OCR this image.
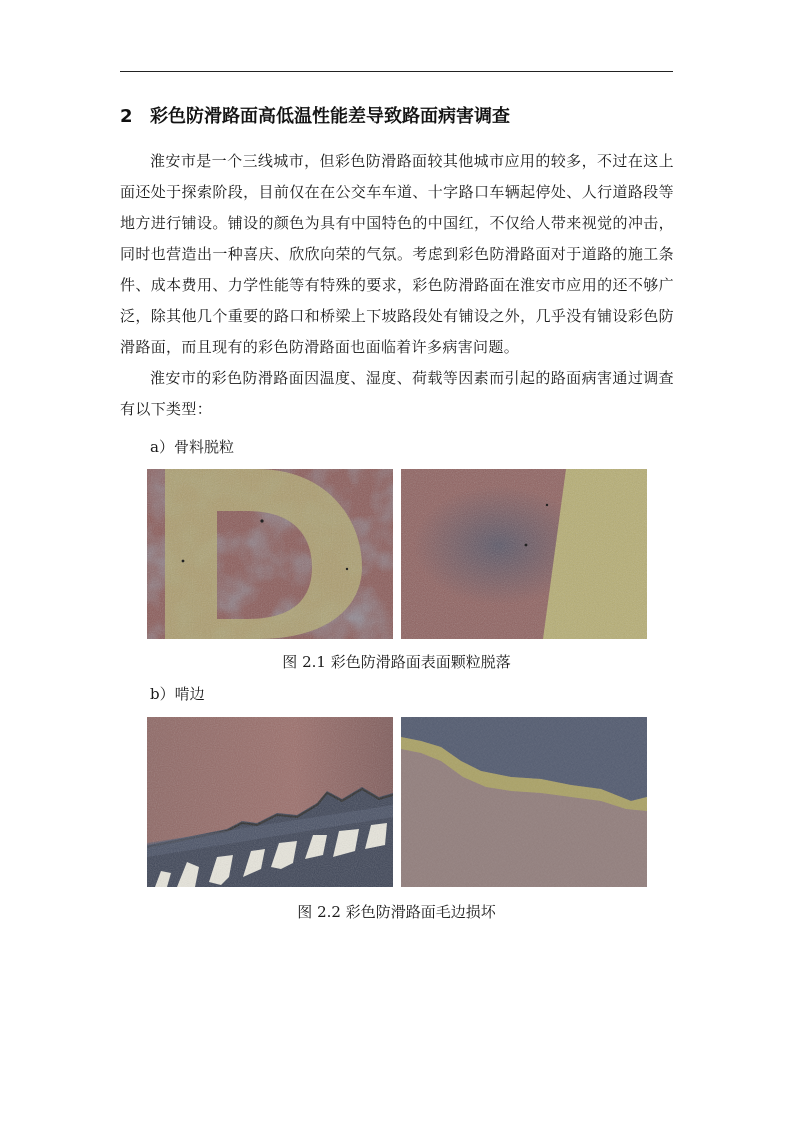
2 彩色防滑路面高低温性能差导致路面病害调查
淮安市是一个三线城市，但彩色防滑路面较其他城市应用的较多，不过在这上面还处于探索阶段，目前仅在在公交车车道、十字路口车辆起停处、人行道路段等地方进行铺设。铺设的颜色为具有中国特色的中国红，不仅给人带来视觉的冲击，同时也营造出一种喜庆、欣欣向荣的气氛。考虑到彩色防滑路面对于道路的施工条件、成本费用、力学性能等有特殊的要求，彩色防滑路面在淮安市应用的还不够广泛，除其他几个重要的路口和桥梁上下坡路段处有铺设之外，几乎没有铺设彩色防滑路面，而且现有的彩色防滑路面也面临着许多病害问题。
淮安市的彩色防滑路面因温度、湿度、荷载等因素而引起的路面病害通过调查有以下类型：
a）骨料脱粒
图 2.1 彩色防滑路面表面颗粒脱落
b）啃边
图 2.2 彩色防滑路面毛边损坏
